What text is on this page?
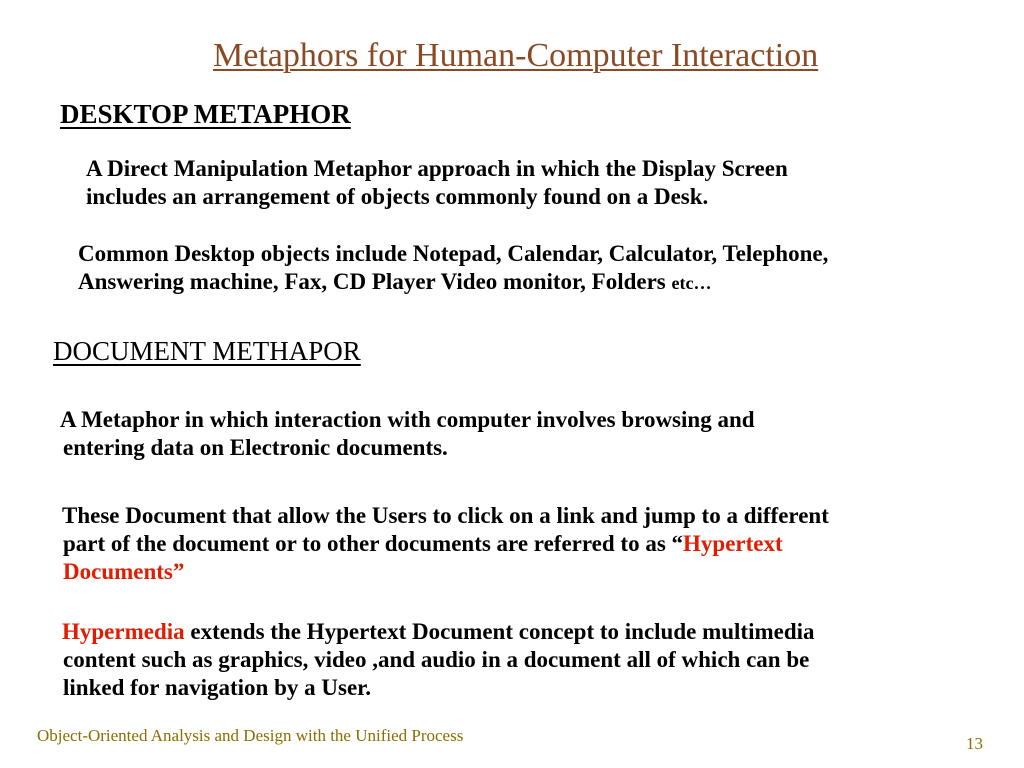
Metaphors for Human-Computer Interaction
DESKTOP METAPHOR
A Direct Manipulation Metaphor approach in which the Display Screen
includes an arrangement of objects commonly found on a Desk.
Common Desktop objects include Notepad, Calendar, Calculator, Telephone,
Answering machine, Fax, CD Player Video monitor, Folders etc…
DOCUMENT METHAPOR
A Metaphor in which interaction with computer involves browsing and
entering data on Electronic documents.
These Document that allow the Users to click on a link and jump to a different
part of the document or to other documents are referred to as “Hypertext
Documents”
Hypermedia extends the Hypertext Document concept to include multimedia
content such as graphics, video ,and audio in a document all of which can be
linked for navigation by a User.
Object-Oriented Analysis and Design with the Unified Process	13
